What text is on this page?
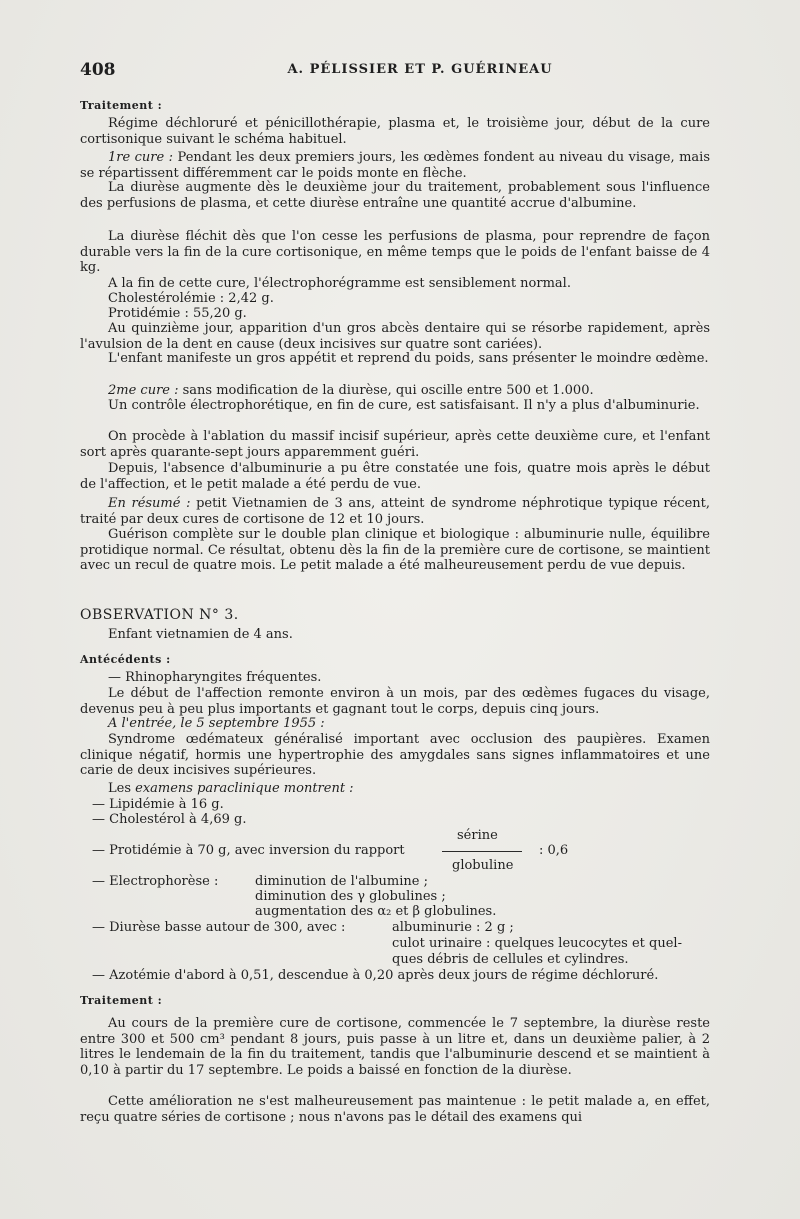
408	A. PÉLISSIER ET P. GUÉRINEAU
Traitement :
Régime déchloruré et pénicillothérapie, plasma et, le troisième jour, début de la cure cortisonique suivant le schéma habituel.
1re cure : Pendant les deux premiers jours, les œdèmes fondent au niveau du visage, mais se répartissent différemment car le poids monte en flèche.
La diurèse augmente dès le deuxième jour du traitement, probablement sous l'influence des perfusions de plasma, et cette diurèse entraîne une quantité accrue d'albumine.
La diurèse fléchit dès que l'on cesse les perfusions de plasma, pour reprendre de façon durable vers la fin de la cure cortisonique, en même temps que le poids de l'enfant baisse de 4 kg.
A la fin de cette cure, l'électrophorégramme est sensiblement normal.
Cholestérolémie : 2,42 g.
Protidémie : 55,20 g.
Au quinzième jour, apparition d'un gros abcès dentaire qui se résorbe rapidement, après l'avulsion de la dent en cause (deux incisives sur quatre sont cariées).
L'enfant manifeste un gros appétit et reprend du poids, sans présenter le moindre œdème.
2me cure : sans modification de la diurèse, qui oscille entre 500 et 1.000.
Un contrôle électrophorétique, en fin de cure, est satisfaisant. Il n'y a plus d'albuminurie.
On procède à l'ablation du massif incisif supérieur, après cette deuxième cure, et l'enfant sort après quarante-sept jours apparemment guéri.
Depuis, l'absence d'albuminurie a pu être constatée une fois, quatre mois après le début de l'affection, et le petit malade a été perdu de vue.
En résumé : petit Vietnamien de 3 ans, atteint de syndrome néphrotique typique récent, traité par deux cures de cortisone de 12 et 10 jours.
Guérison complète sur le double plan clinique et biologique : albuminurie nulle, équilibre protidique normal. Ce résultat, obtenu dès la fin de la première cure de cortisone, se maintient avec un recul de quatre mois. Le petit malade a été malheureusement perdu de vue depuis.
OBSERVATION N° 3.
Enfant vietnamien de 4 ans.
Antécédents :
— Rhinopharyngites fréquentes.
Le début de l'affection remonte environ à un mois, par des œdèmes fugaces du visage, devenus peu à peu plus importants et gagnant tout le corps, depuis cinq jours.
A l'entrée, le 5 septembre 1955 :
Syndrome œdémateux généralisé important avec occlusion des paupières. Examen clinique négatif, hormis une hypertrophie des amygdales sans signes inflammatoires et une carie de deux incisives supérieures.
Les examens paraclinique montrent :
— Lipidémie à 16 g.
— Cholestérol à 4,69 g.
sérine
— Protidémie à 70 g, avec inversion du rapport	: 0,6
globuline
— Electrophorèse :	diminution de l'albumine ;
diminution des γ globulines ;
augmentation des α₂ et β globulines.
— Diurèse basse autour de 300, avec :	albuminurie : 2 g ;
culot urinaire : quelques leucocytes et quel-
ques débris de cellules et cylindres.
— Azotémie d'abord à 0,51, descendue à 0,20 après deux jours de régime déchloruré.
Traitement :
Au cours de la première cure de cortisone, commencée le 7 septembre, la diurèse reste entre 300 et 500 cm³ pendant 8 jours, puis passe à un litre et, dans un deuxième palier, à 2 litres le lendemain de la fin du traitement, tandis que l'albuminurie descend et se maintient à 0,10 à partir du 17 septembre. Le poids a baissé en fonction de la diurèse.
Cette amélioration ne s'est malheureusement pas maintenue : le petit malade a, en effet, reçu quatre séries de cortisone ; nous n'avons pas le détail des examens qui
